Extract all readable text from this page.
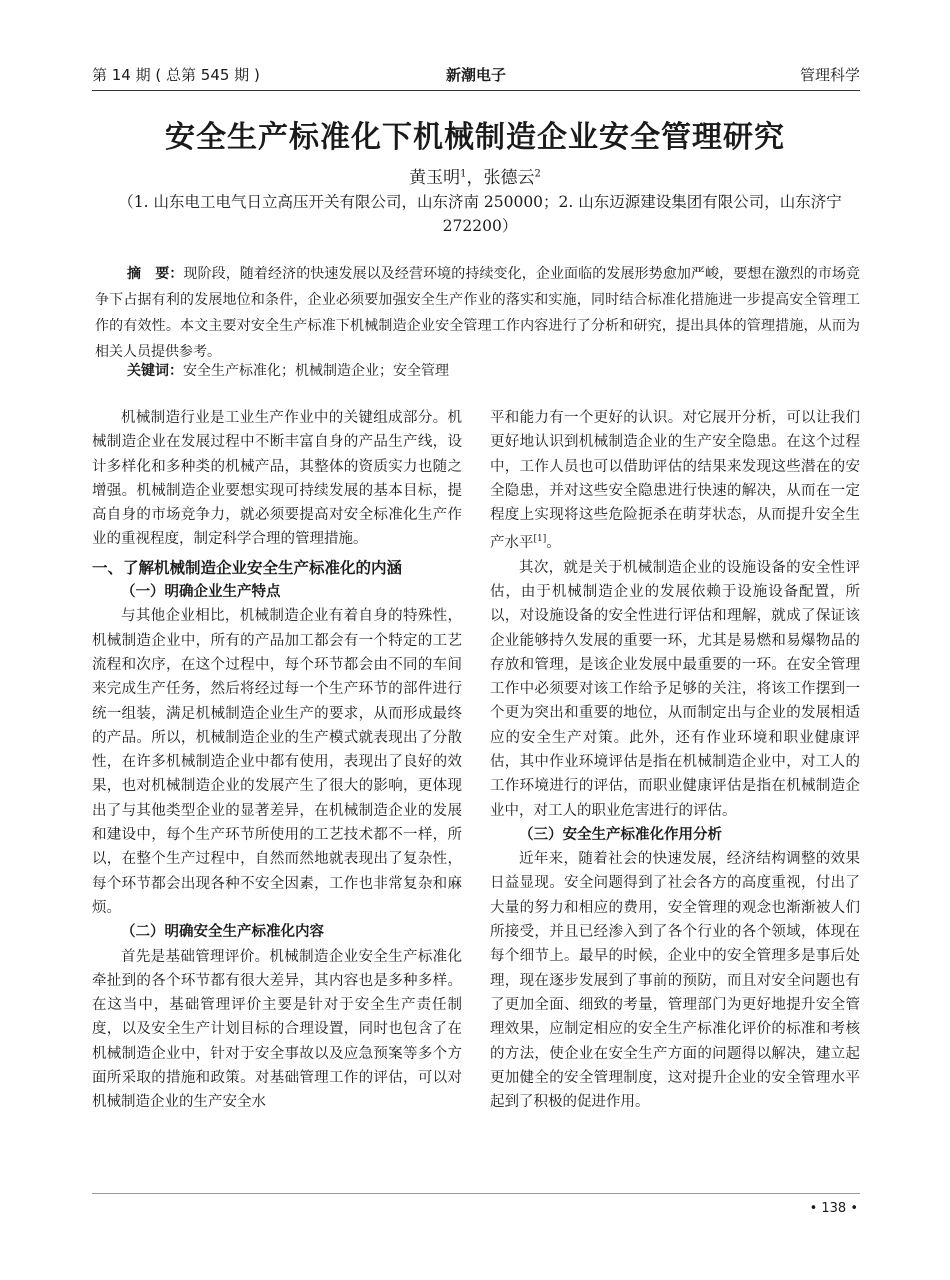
新潮电子
第 14 期 ( 总第 545 期 )	管理科学
安全生产标准化下机械制造企业安全管理研究
黄玉明$^1$，张德云$^2$
（1. 山东电工电气日立高压开关有限公司，山东济南 250000；2. 山东迈源建设集团有限公司，山东济宁 272200）
摘　要：现阶段，随着经济的快速发展以及经营环境的持续变化，企业面临的发展形势愈加严峻，要想在激烈的市场竞争下占据有利的发展地位和条件，企业必须要加强安全生产作业的落实和实施，同时结合标准化措施进一步提高安全管理工作的有效性。本文主要对安全生产标准下机械制造企业安全管理工作内容进行了分析和研究，提出具体的管理措施，从而为相关人员提供参考。
关键词：安全生产标准化；机械制造企业；安全管理

机械制造行业是工业生产作业中的关键组成部分。机械制造企业在发展过程中不断丰富自身的产品生产线，设计多样化和多种类的机械产品，其整体的资质实力也随之增强。机械制造企业要想实现可持续发展的基本目标，提高自身的市场竞争力，就必须要提高对安全标准化生产作业的重视程度，制定科学合理的管理措施。

一、了解机械制造企业安全生产标准化的内涵
（一）明确企业生产特点

与其他企业相比，机械制造企业有着自身的特殊性，机械制造企业中，所有的产品加工都会有一个特定的工艺流程和次序，在这个过程中，每个环节都会由不同的车间来完成生产任务，然后将经过每一个生产环节的部件进行统一组装，满足机械制造企业生产的要求，从而形成最终的产品。所以，机械制造企业的生产模式就表现出了分散性，在许多机械制造企业中都有使用，表现出了良好的效果，也对机械制造企业的发展产生了很大的影响，更体现出了与其他类型企业的显著差异，在机械制造企业的发展和建设中，每个生产环节所使用的工艺技术都不一样，所以，在整个生产过程中，自然而然地就表现出了复杂性，每个环节都会出现各种不安全因素，工作也非常复杂和麻烦。

（二）明确安全生产标准化内容

首先是基础管理评价。机械制造企业安全生产标准化牵扯到的各个环节都有很大差异，其内容也是多种多样。在这当中，基础管理评价主要是针对于安全生产责任制度，以及安全生产计划目标的合理设置，同时也包含了在机械制造企业中，针对于安全事故以及应急预案等多个方面所采取的措施和政策。对基础管理工作的评估，可以对机械制造企业的生产安全水

平和能力有一个更好的认识。对它展开分析，可以让我们更好地认识到机械制造企业的生产安全隐患。在这个过程中，工作人员也可以借助评估的结果来发现这些潜在的安全隐患，并对这些安全隐患进行快速的解决，从而在一定程度上实现将这些危险扼杀在萌芽状态，从而提升安全生产水平[1]。

其次，就是关于机械制造企业的设施设备的安全性评估，由于机械制造企业的发展依赖于设施设备配置，所以，对设施设备的安全性进行评估和理解，就成了保证该企业能够持久发展的重要一环，尤其是易燃和易爆物品的存放和管理，是该企业发展中最重要的一环。在安全管理工作中必须要对该工作给予足够的关注，将该工作摆到一个更为突出和重要的地位，从而制定出与企业的发展相适应的安全生产对策。此外，还有作业环境和职业健康评估，其中作业环境评估是指在机械制造企业中，对工人的工作环境进行的评估，而职业健康评估是指在机械制造企业中，对工人的职业危害进行的评估。

（三）安全生产标准化作用分析

近年来，随着社会的快速发展，经济结构调整的效果日益显现。安全问题得到了社会各方的高度重视，付出了大量的努力和相应的费用，安全管理的观念也渐渐被人们所接受，并且已经渗入到了各个行业的各个领域，体现在每个细节上。最早的时候，企业中的安全管理多是事后处理，现在逐步发展到了事前的预防，而且对安全问题也有了更加全面、细致的考量，管理部门为更好地提升安全管理效果，应制定相应的安全生产标准化评价的标准和考核的方法，使企业在安全生产方面的问题得以解决，建立起更加健全的安全管理制度，这对提升企业的安全管理水平起到了积极的促进作用。

• 138 •
